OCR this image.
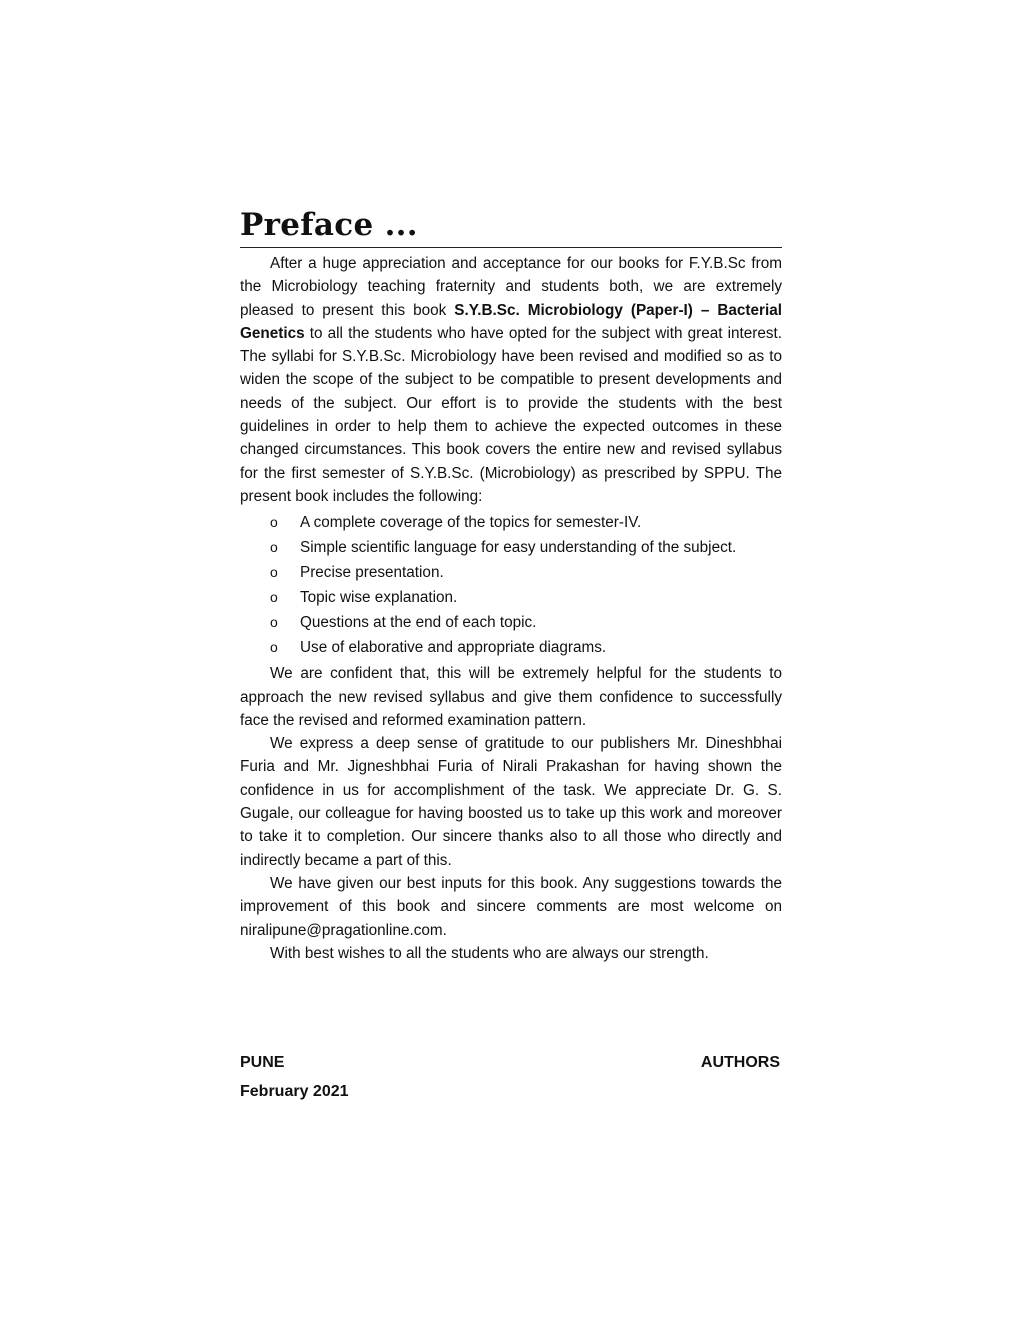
Preface ...

After a huge appreciation and acceptance for our books for F.Y.B.Sc from the Microbiology teaching fraternity and students both, we are extremely pleased to present this book S.Y.B.Sc. Microbiology (Paper-I) – Bacterial Genetics to all the students who have opted for the subject with great interest. The syllabi for S.Y.B.Sc. Microbiology have been revised and modified so as to widen the scope of the subject to be compatible to present developments and needs of the subject. Our effort is to provide the students with the best guidelines in order to help them to achieve the expected outcomes in these changed circumstances. This book covers the entire new and revised syllabus for the first semester of S.Y.B.Sc. (Microbiology) as prescribed by SPPU. The present book includes the following:

o A complete coverage of the topics for semester-IV.
o Simple scientific language for easy understanding of the subject.
o Precise presentation.
o Topic wise explanation.
o Questions at the end of each topic.
o Use of elaborative and appropriate diagrams.

We are confident that, this will be extremely helpful for the students to approach the new revised syllabus and give them confidence to successfully face the revised and reformed examination pattern.

We express a deep sense of gratitude to our publishers Mr. Dineshbhai Furia and Mr. Jigneshbhai Furia of Nirali Prakashan for having shown the confidence in us for accomplishment of the task. We appreciate Dr. G. S. Gugale, our colleague for having boosted us to take up this work and moreover to take it to completion. Our sincere thanks also to all those who directly and indirectly became a part of this.

We have given our best inputs for this book. Any suggestions towards the improvement of this book and sincere comments are most welcome on niralipune@pragationline.com.

With best wishes to all the students who are always our strength.

PUNE	AUTHORS
February 2021
